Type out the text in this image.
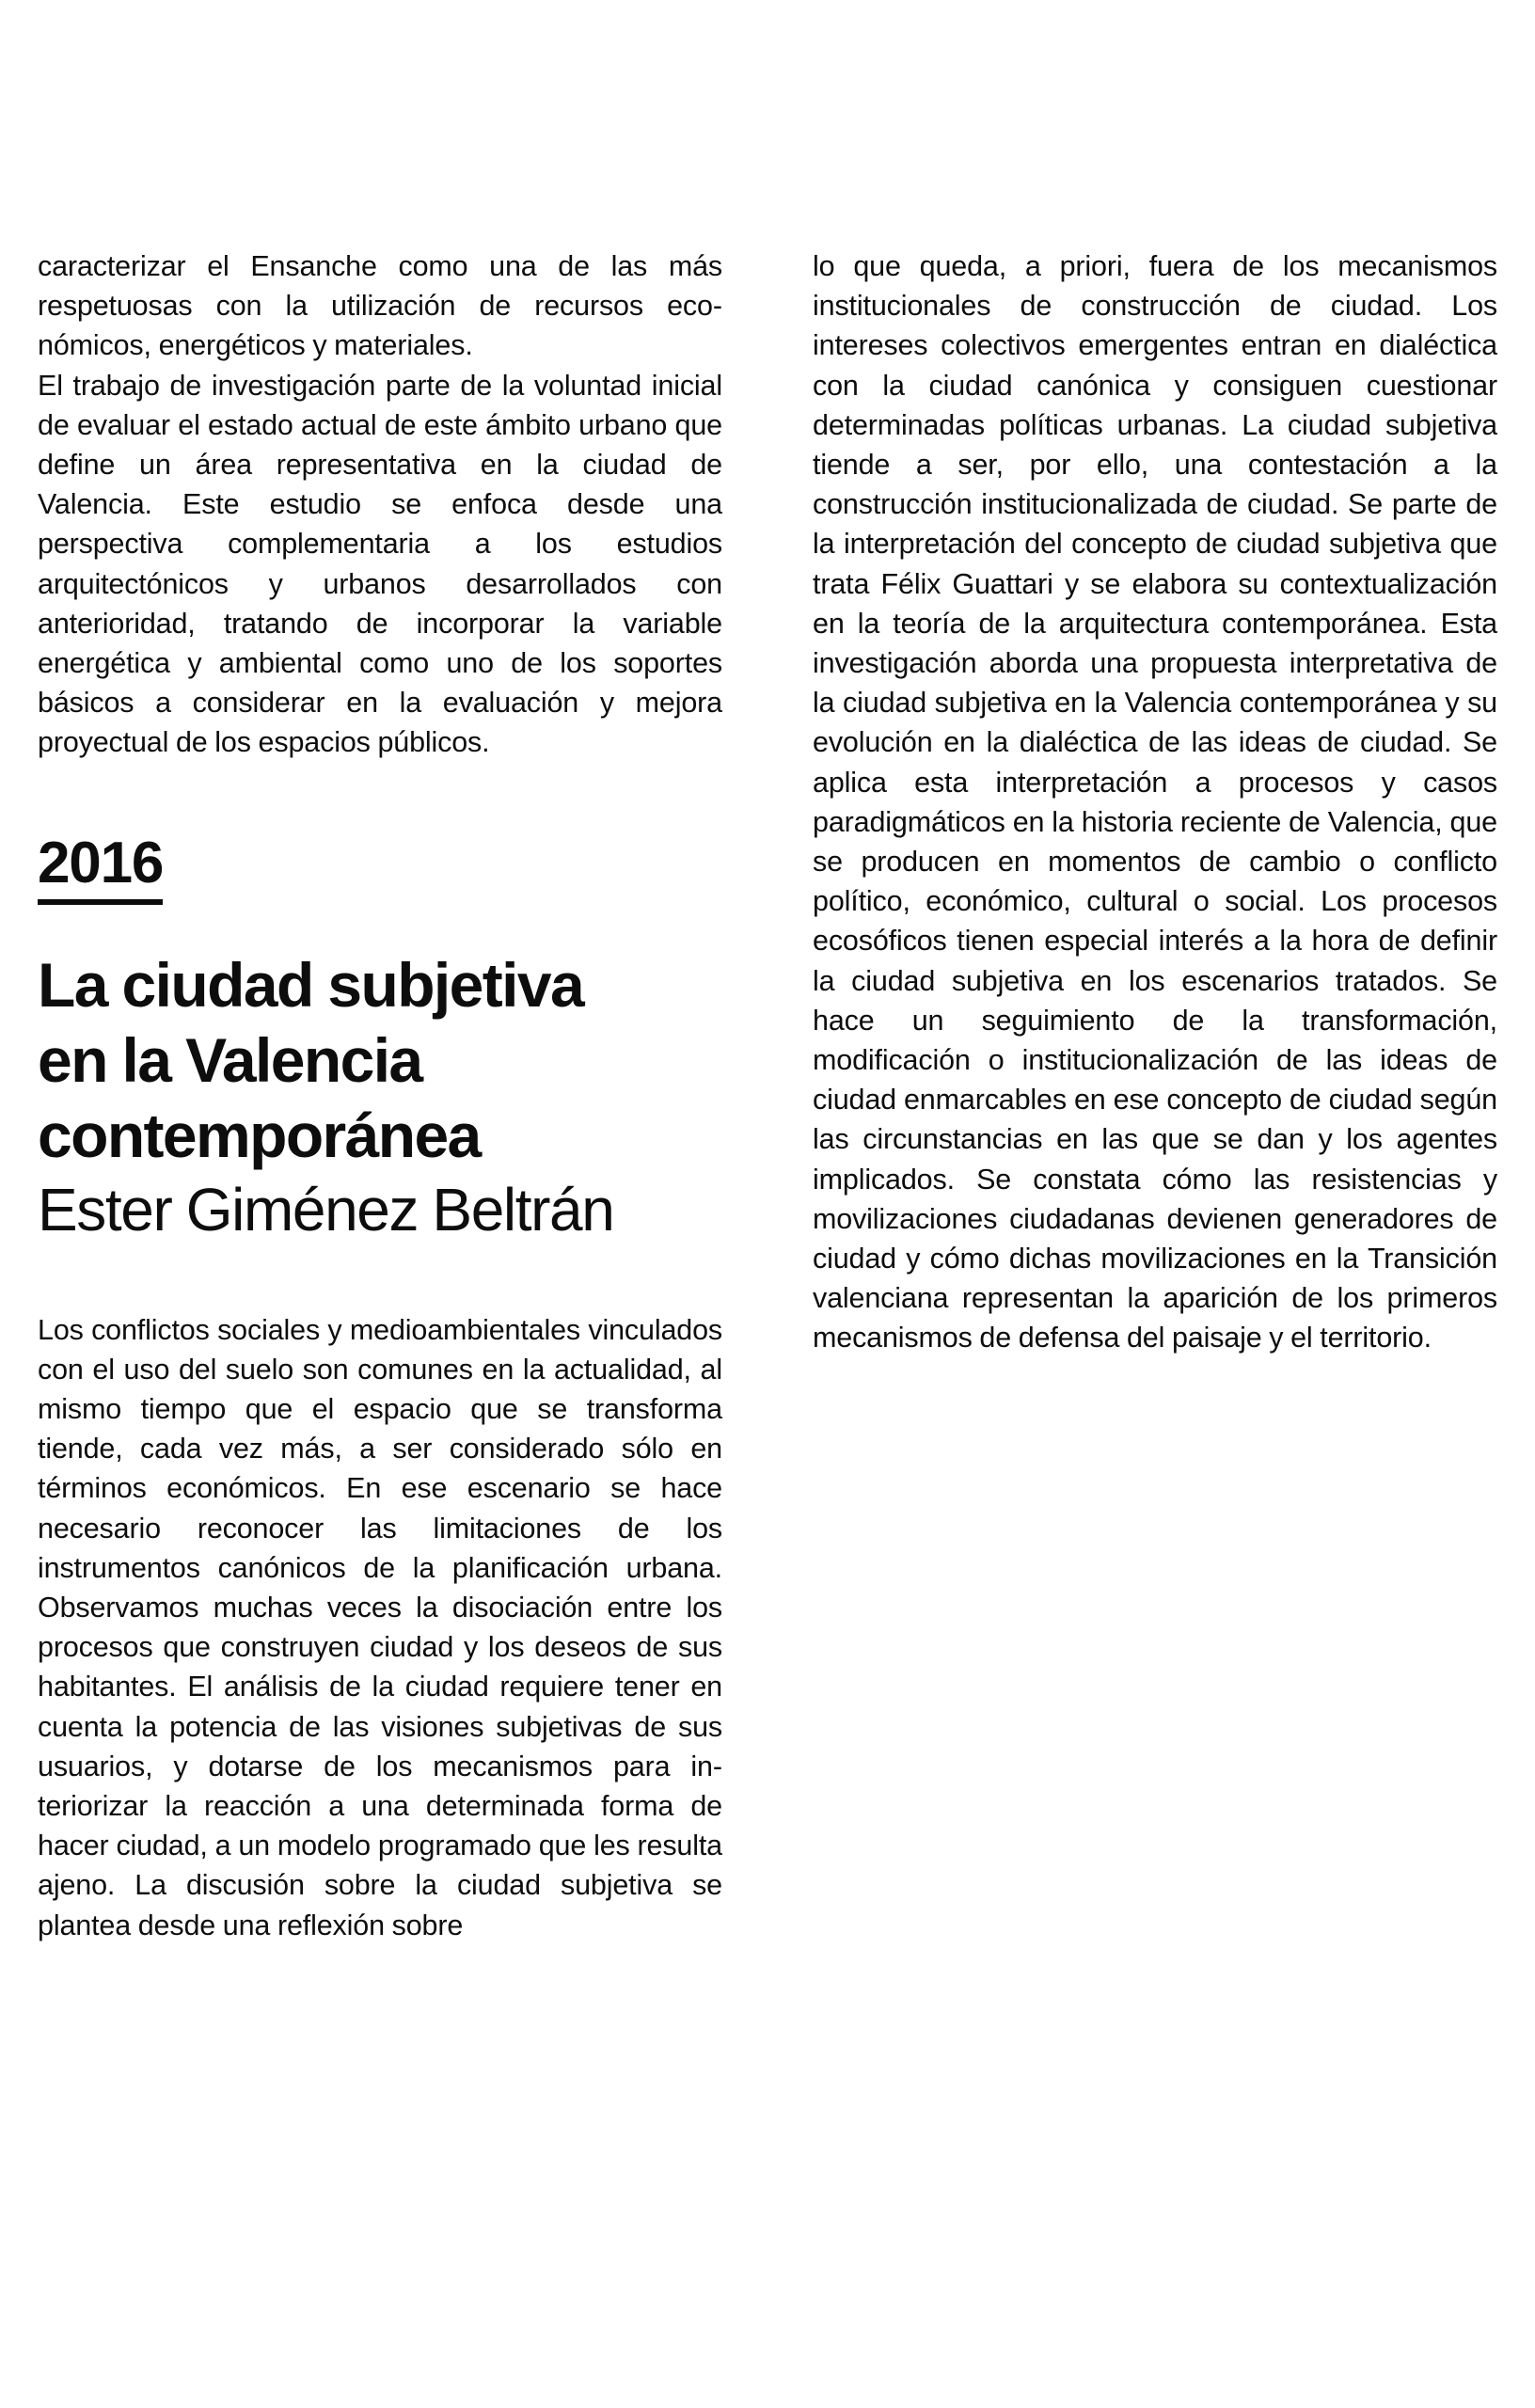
caracterizar el Ensanche como una de las más respetuosas con la utilización de recursos económicos, energéticos y materiales.

El trabajo de investigación parte de la voluntad inicial de evaluar el estado actual de este ámbito urbano que define un área representativa en la ciudad de Valencia. Este estudio se enfoca desde una perspectiva complementaria a los estudios arquitectónicos y urbanos desarrollados con anterioridad, tratando de incorporar la variable energética y ambiental como uno de los soportes básicos a considerar en la evaluación y mejora proyectual de los espacios públicos.

2016
La ciudad subjetiva
en la Valencia
contemporánea
Ester Giménez Beltrán

Los conflictos sociales y medioambientales vinculados con el uso del suelo son comunes en la actualidad, al mismo tiempo que el espacio que se transforma tiende, cada vez más, a ser considerado sólo en términos económicos. En ese escenario se hace necesario reconocer las limitaciones de los instrumentos canónicos de la planificación urbana. Observamos muchas veces la disociación entre los procesos que construyen ciudad y los deseos de sus habitantes. El análisis de la ciudad requiere tener en cuenta la potencia de las visiones subjetivas de sus usuarios, y dotarse de los mecanismos para interiorizar la reacción a una determinada forma de hacer ciudad, a un modelo programado que les resulta ajeno. La discusión sobre la ciudad subjetiva se plantea desde una reflexión sobre

lo que queda, a priori, fuera de los mecanismos institucionales de construcción de ciudad. Los intereses colectivos emergentes entran en dialéctica con la ciudad canónica y consiguen cuestionar determinadas políticas urbanas. La ciudad subjetiva tiende a ser, por ello, una contestación a la construcción institucionalizada de ciudad. Se parte de la interpretación del concepto de ciudad subjetiva que trata Félix Guattari y se elabora su contextualización en la teoría de la arquitectura contemporánea. Esta investigación aborda una propuesta interpretativa de la ciudad subjetiva en la Valencia contemporánea y su evolución en la dialéctica de las ideas de ciudad. Se aplica esta interpretación a procesos y casos paradigmáticos en la historia reciente de Valencia, que se producen en momentos de cambio o conflicto político, económico, cultural o social. Los procesos ecosóficos tienen especial interés a la hora de definir la ciudad subjetiva en los escenarios tratados. Se hace un seguimiento de la transformación, modificación o institucionalización de las ideas de ciudad enmarcables en ese concepto de ciudad según las circunstancias en las que se dan y los agentes implicados. Se constata cómo las resistencias y movilizaciones ciudadanas devienen generadores de ciudad y cómo dichas movilizaciones en la Transición valenciana representan la aparición de los primeros mecanismos de defensa del paisaje y el territorio.
